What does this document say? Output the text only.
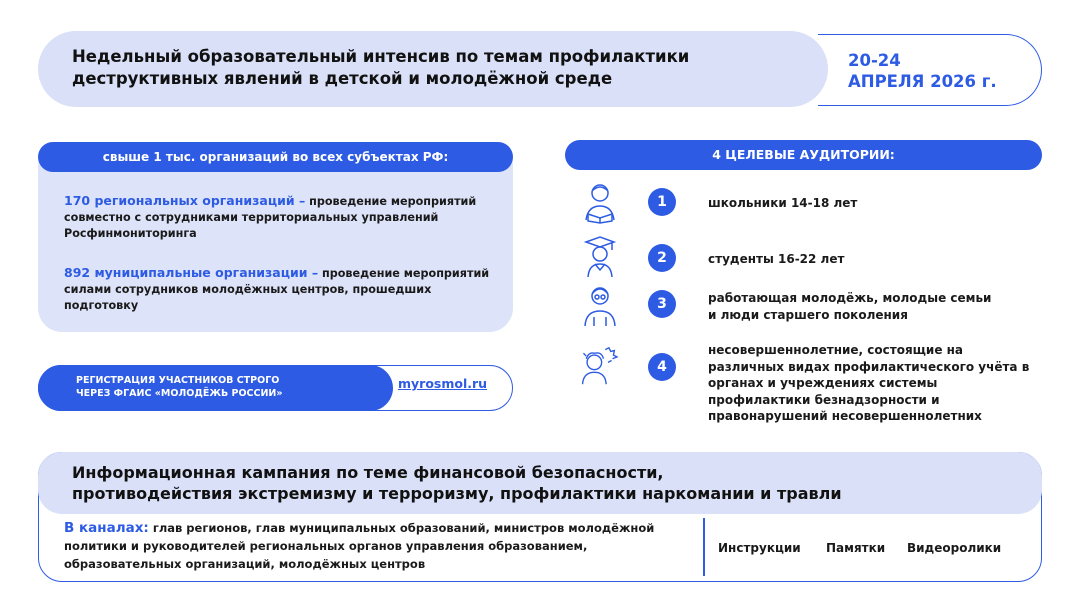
Недельный образовательный интенсив по темам профилактики
деструктивных явлений в детской и молодёжной среде
20-24
АПРЕЛЯ 2026 г.
свыше 1 тыс. организаций во всех субъектах РФ:
170 региональных организаций – проведение мероприятий совместно с сотрудниками территориальных управлений Росфинмониторинга
892 муниципальные организации – проведение мероприятий силами сотрудников молодёжных центров, прошедших подготовку
РЕГИСТРАЦИЯ УЧАСТНИКОВ СТРОГО
ЧЕРЕЗ ФГАИС «МОЛОДЁЖЬ РОССИИ»
myrosmol.ru
4 ЦЕЛЕВЫЕ АУДИТОРИИ:
1
2
3
4
школьники 14-18 лет
студенты 16-22 лет
работающая молодёжь, молодые семьи и люди старшего поколения
несовершеннолетние, состоящие на различных видах профилактического учёта в органах и учреждениях системы профилактики безнадзорности и правонарушений несовершеннолетних
Информационная кампания по теме финансовой безопасности,
противодействия экстремизму и терроризму, профилактики наркомании и травли
В каналах: глав регионов, глав муниципальных образований, министров молодёжной политики и руководителей региональных органов управления образованием, образовательных организаций, молодёжных центров
Инструкции Памятки Видеоролики
